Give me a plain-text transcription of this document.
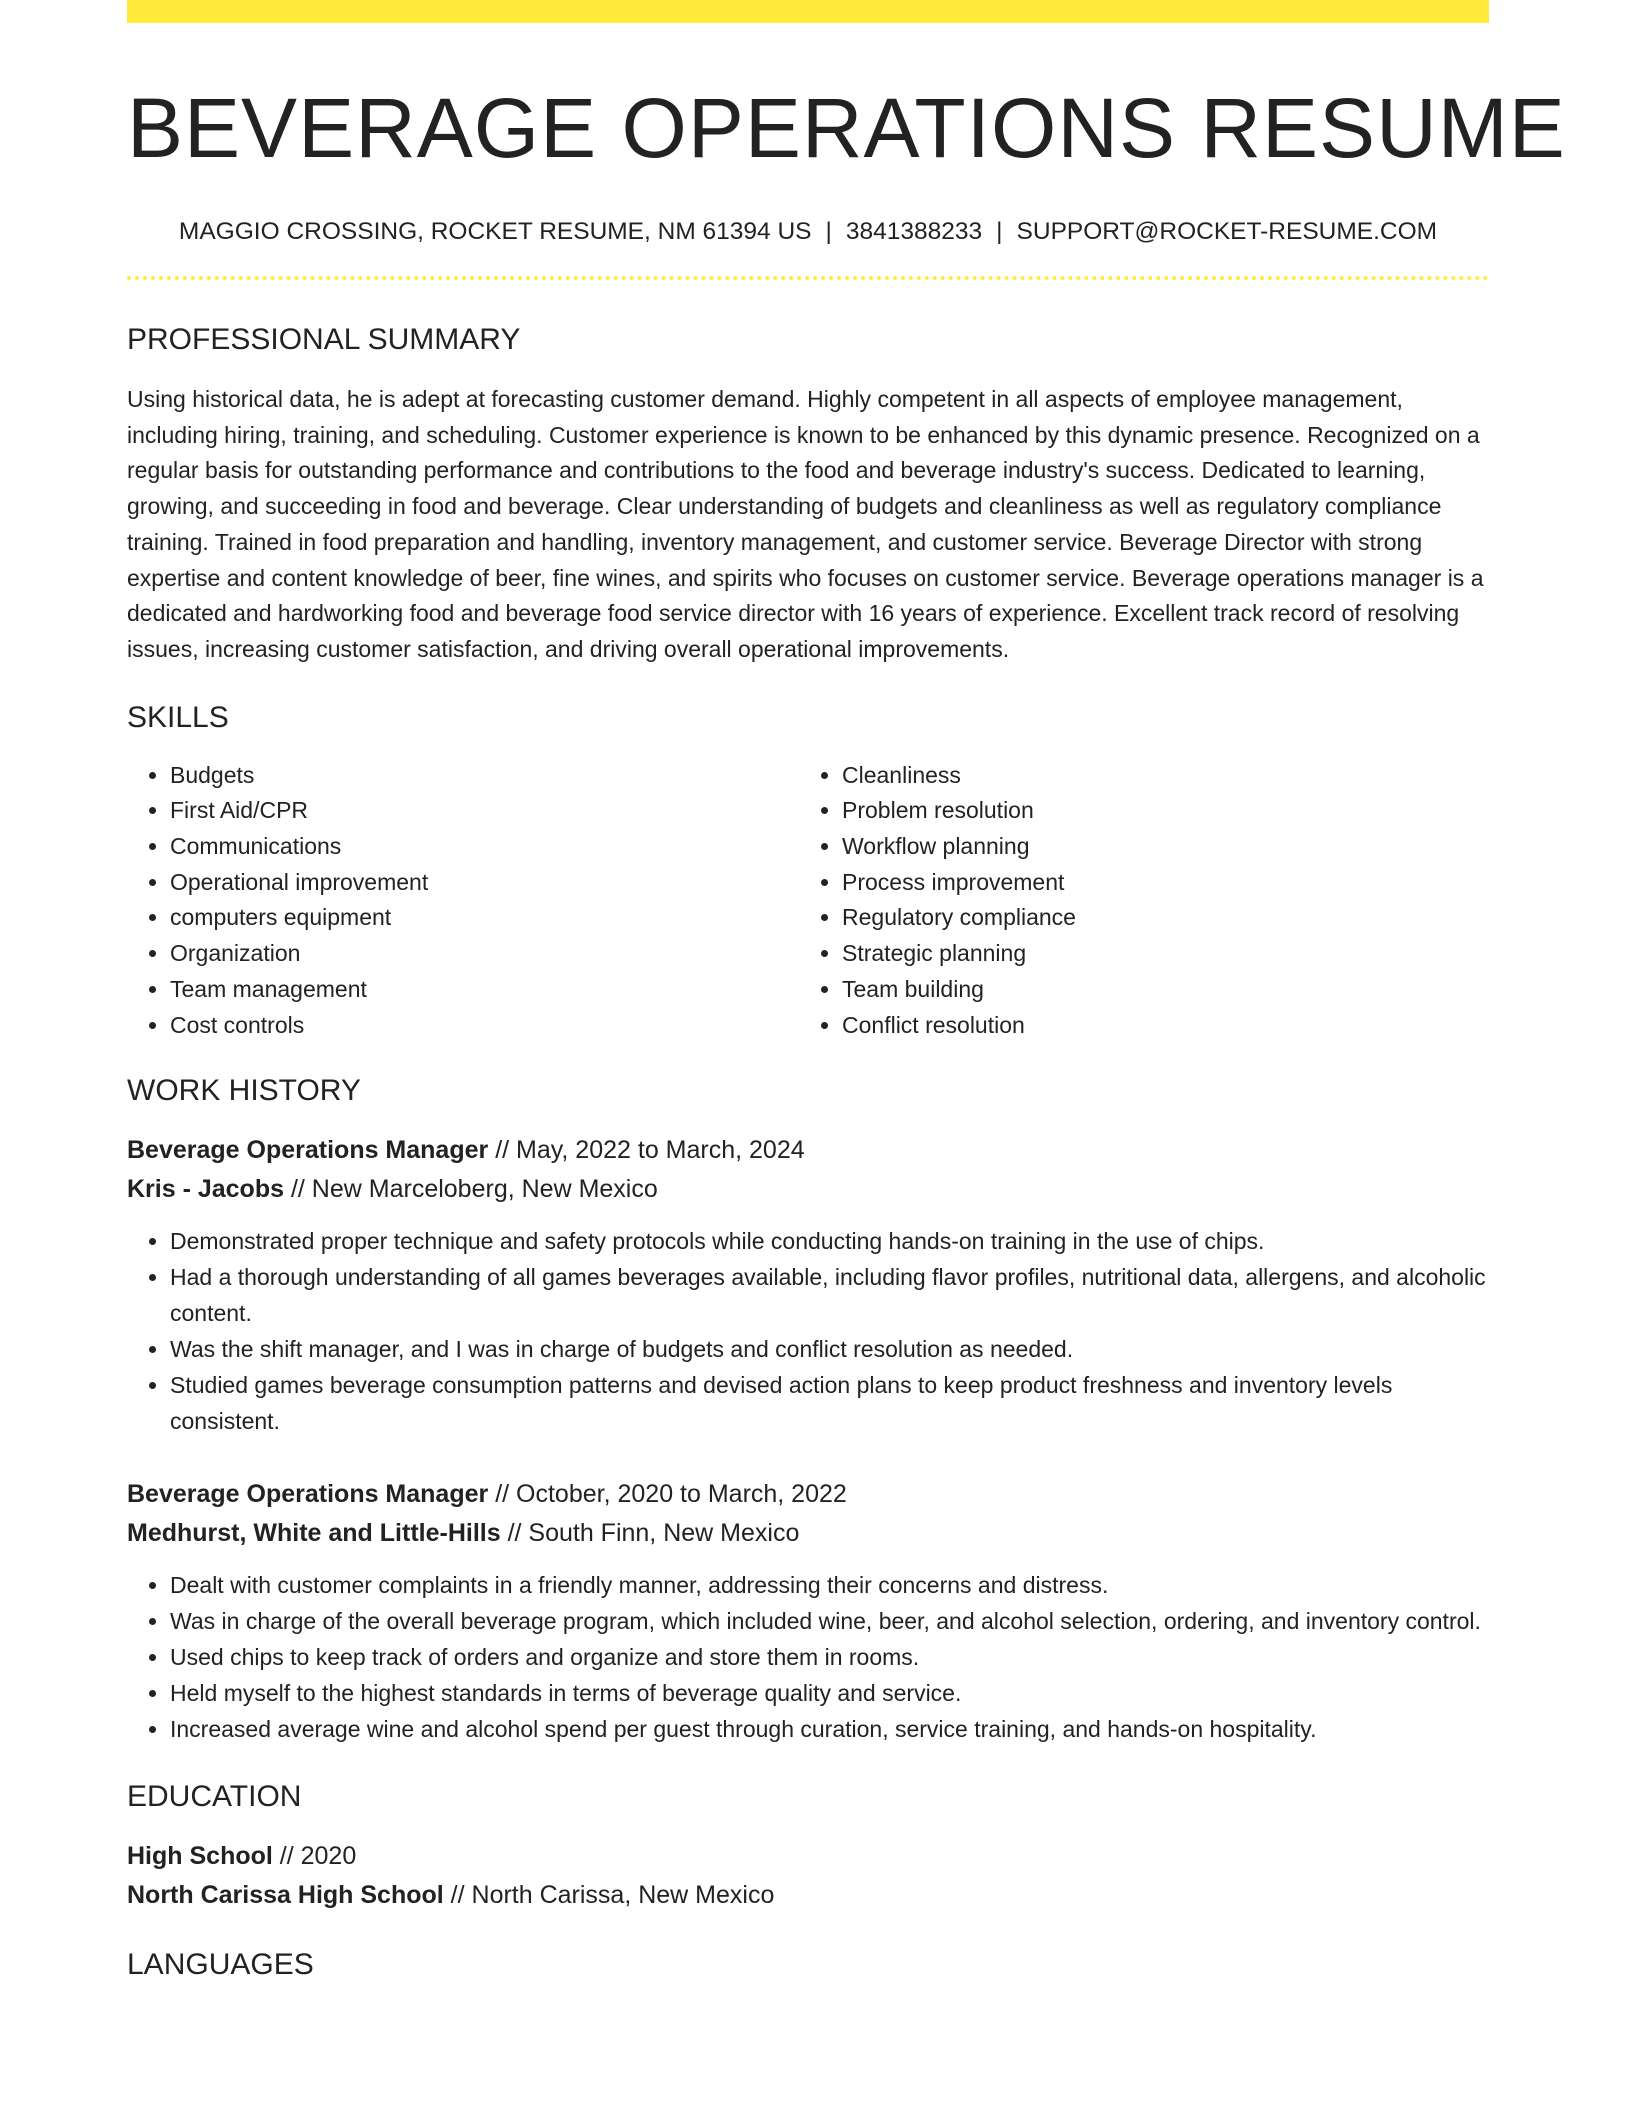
BEVERAGE OPERATIONS RESUME
MAGGIO CROSSING, ROCKET RESUME, NM 61394 US | 3841388233 | SUPPORT@ROCKET-RESUME.COM
PROFESSIONAL SUMMARY
Using historical data, he is adept at forecasting customer demand. Highly competent in all aspects of employee management, including hiring, training, and scheduling. Customer experience is known to be enhanced by this dynamic presence. Recognized on a regular basis for outstanding performance and contributions to the food and beverage industry's success. Dedicated to learning, growing, and succeeding in food and beverage. Clear understanding of budgets and cleanliness as well as regulatory compliance training. Trained in food preparation and handling, inventory management, and customer service. Beverage Director with strong expertise and content knowledge of beer, fine wines, and spirits who focuses on customer service. Beverage operations manager is a dedicated and hardworking food and beverage food service director with 16 years of experience. Excellent track record of resolving issues, increasing customer satisfaction, and driving overall operational improvements.
SKILLS
• Budgets
• First Aid/CPR
• Communications
• Operational improvement
• computers equipment
• Organization
• Team management
• Cost controls
• Cleanliness
• Problem resolution
• Workflow planning
• Process improvement
• Regulatory compliance
• Strategic planning
• Team building
• Conflict resolution
WORK HISTORY
Beverage Operations Manager // May, 2022 to March, 2024
Kris - Jacobs // New Marceloberg, New Mexico
• Demonstrated proper technique and safety protocols while conducting hands-on training in the use of chips.
• Had a thorough understanding of all games beverages available, including flavor profiles, nutritional data, allergens, and alcoholic content.
• Was the shift manager, and I was in charge of budgets and conflict resolution as needed.
• Studied games beverage consumption patterns and devised action plans to keep product freshness and inventory levels consistent.
Beverage Operations Manager // October, 2020 to March, 2022
Medhurst, White and Little-Hills // South Finn, New Mexico
• Dealt with customer complaints in a friendly manner, addressing their concerns and distress.
• Was in charge of the overall beverage program, which included wine, beer, and alcohol selection, ordering, and inventory control.
• Used chips to keep track of orders and organize and store them in rooms.
• Held myself to the highest standards in terms of beverage quality and service.
• Increased average wine and alcohol spend per guest through curation, service training, and hands-on hospitality.
EDUCATION
High School // 2020
North Carissa High School // North Carissa, New Mexico
LANGUAGES
